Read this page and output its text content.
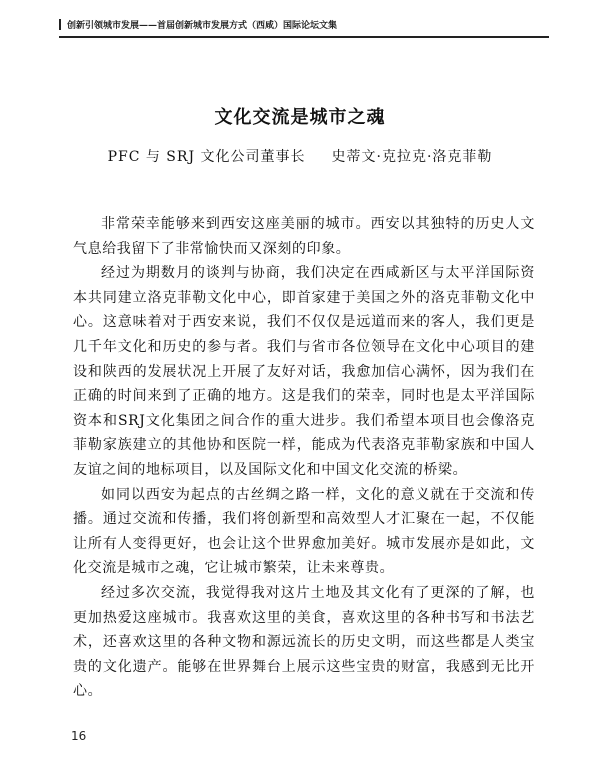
创新引领城市发展——首届创新城市发展方式（西咸）国际论坛文集
文化交流是城市之魂
PFC 与 SRJ 文化公司董事长 史蒂文·克拉克·洛克菲勒

非常荣幸能够来到西安这座美丽的城市。西安以其独特的历史人文气息给我留下了非常愉快而又深刻的印象。

经过为期数月的谈判与协商，我们决定在西咸新区与太平洋国际资本共同建立洛克菲勒文化中心，即首家建于美国之外的洛克菲勒文化中心。这意味着对于西安来说，我们不仅仅是远道而来的客人，我们更是几千年文化和历史的参与者。我们与省市各位领导在文化中心项目的建设和陕西的发展状况上开展了友好对话，我愈加信心满怀，因为我们在正确的时间来到了正确的地方。这是我们的荣幸，同时也是太平洋国际资本和SRJ文化集团之间合作的重大进步。我们希望本项目也会像洛克菲勒家族建立的其他协和医院一样，能成为代表洛克菲勒家族和中国人友谊之间的地标项目，以及国际文化和中国文化交流的桥梁。

如同以西安为起点的古丝绸之路一样，文化的意义就在于交流和传播。通过交流和传播，我们将创新型和高效型人才汇聚在一起，不仅能让所有人变得更好，也会让这个世界愈加美好。城市发展亦是如此，文化交流是城市之魂，它让城市繁荣，让未来尊贵。

经过多次交流，我觉得我对这片土地及其文化有了更深的了解，也更加热爱这座城市。我喜欢这里的美食，喜欢这里的各种书写和书法艺术，还喜欢这里的各种文物和源远流长的历史文明，而这些都是人类宝贵的文化遗产。能够在世界舞台上展示这些宝贵的财富，我感到无比开心。

16
